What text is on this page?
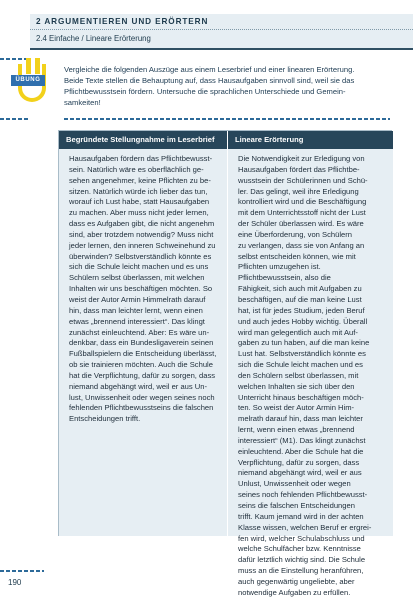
2 ARGUMENTIEREN UND ERÖRTERN
2.4 Einfache / Lineare Erörterung
ÜBUNG
Vergleiche die folgenden Auszüge aus einem Leserbrief und einer linearen Erörterung.
Beide Texte stellen die Behauptung auf, dass Hausaufgaben sinnvoll sind, weil sie das
Pflichtbewusstsein fördern. Untersuche die sprachlichen Unterschiede und Gemein-
samkeiten!
Begründete Stellungnahme im Leserbrief	Lineare Erörterung
Hausaufgaben fördern das Pflichtbewusst-
sein. Natürlich wäre es oberflächlich ge-
sehen angenehmer, keine Pflichten zu be-
sitzen. Natürlich würde ich lieber das tun,
worauf ich Lust habe, statt Hausaufgaben
zu machen. Aber muss nicht jeder lernen,
dass es Aufgaben gibt, die nicht angenehm
sind, aber trotzdem notwendig? Muss nicht
jeder lernen, den inneren Schweinehund zu
überwinden? Selbstverständlich könnte es
sich die Schule leicht machen und es uns
Schülern selbst überlassen, mit welchen
Inhalten wir uns beschäftigen möchten. So
weist der Autor Armin Himmelrath darauf
hin, dass man leichter lernt, wenn einen
etwas „brennend interessiert“. Das klingt
zunächst einleuchtend. Aber: Es wäre un-
denkbar, dass ein Bundesligaverein seinen
Fußballspielern die Entscheidung überlässt,
ob sie trainieren möchten. Auch die Schule
hat die Verpflichtung, dafür zu sorgen, dass
niemand abgehängt wird, weil er aus Un-
lust, Unwissenheit oder wegen seines noch
fehlenden Pflichtbewusstseins die falschen
Entscheidungen trifft.
Die Notwendigkeit zur Erledigung von
Hausaufgaben fördert das Pflichtbe-
wusstsein der Schülerinnen und Schü-
ler. Das gelingt, weil ihre Erledigung
kontrolliert wird und die Beschäftigung
mit dem Unterrichtsstoff nicht der Lust
der Schüler überlassen wird. Es wäre
eine Überforderung, von Schülern
zu verlangen, dass sie von Anfang an
selbst entscheiden können, wie mit
Pflichten umzugehen ist.
Pflichtbewusstsein, also die
Fähigkeit, sich auch mit Aufgaben zu
beschäftigen, auf die man keine Lust
hat, ist für jedes Studium, jeden Beruf
und auch jedes Hobby wichtig. Überall
wird man gelegentlich auch mit Auf-
gaben zu tun haben, auf die man keine
Lust hat. Selbstverständlich könnte es
sich die Schule leicht machen und es
den Schülern selbst überlassen, mit
welchen Inhalten sie sich über den
Unterricht hinaus beschäftigen möch-
ten. So weist der Autor Armin Him-
melrath darauf hin, dass man leichter
lernt, wenn einen etwas „brennend
interessiert“ (M1). Das klingt zunächst
einleuchtend. Aber die Schule hat die
Verpflichtung, dafür zu sorgen, dass
niemand abgehängt wird, weil er aus
Unlust, Unwissenheit oder wegen
seines noch fehlenden Pflichtbewusst-
seins die falschen Entscheidungen
trifft. Kaum jemand wird in der achten
Klasse wissen, welchen Beruf er ergrei-
fen wird, welcher Schulabschluss und
welche Schulfächer bzw. Kenntnisse
dafür letztlich wichtig sind. Die Schule
muss an die Einstellung heranführen,
auch gegenwärtig ungeliebte, aber
notwendige Aufgaben zu erfüllen.
190
